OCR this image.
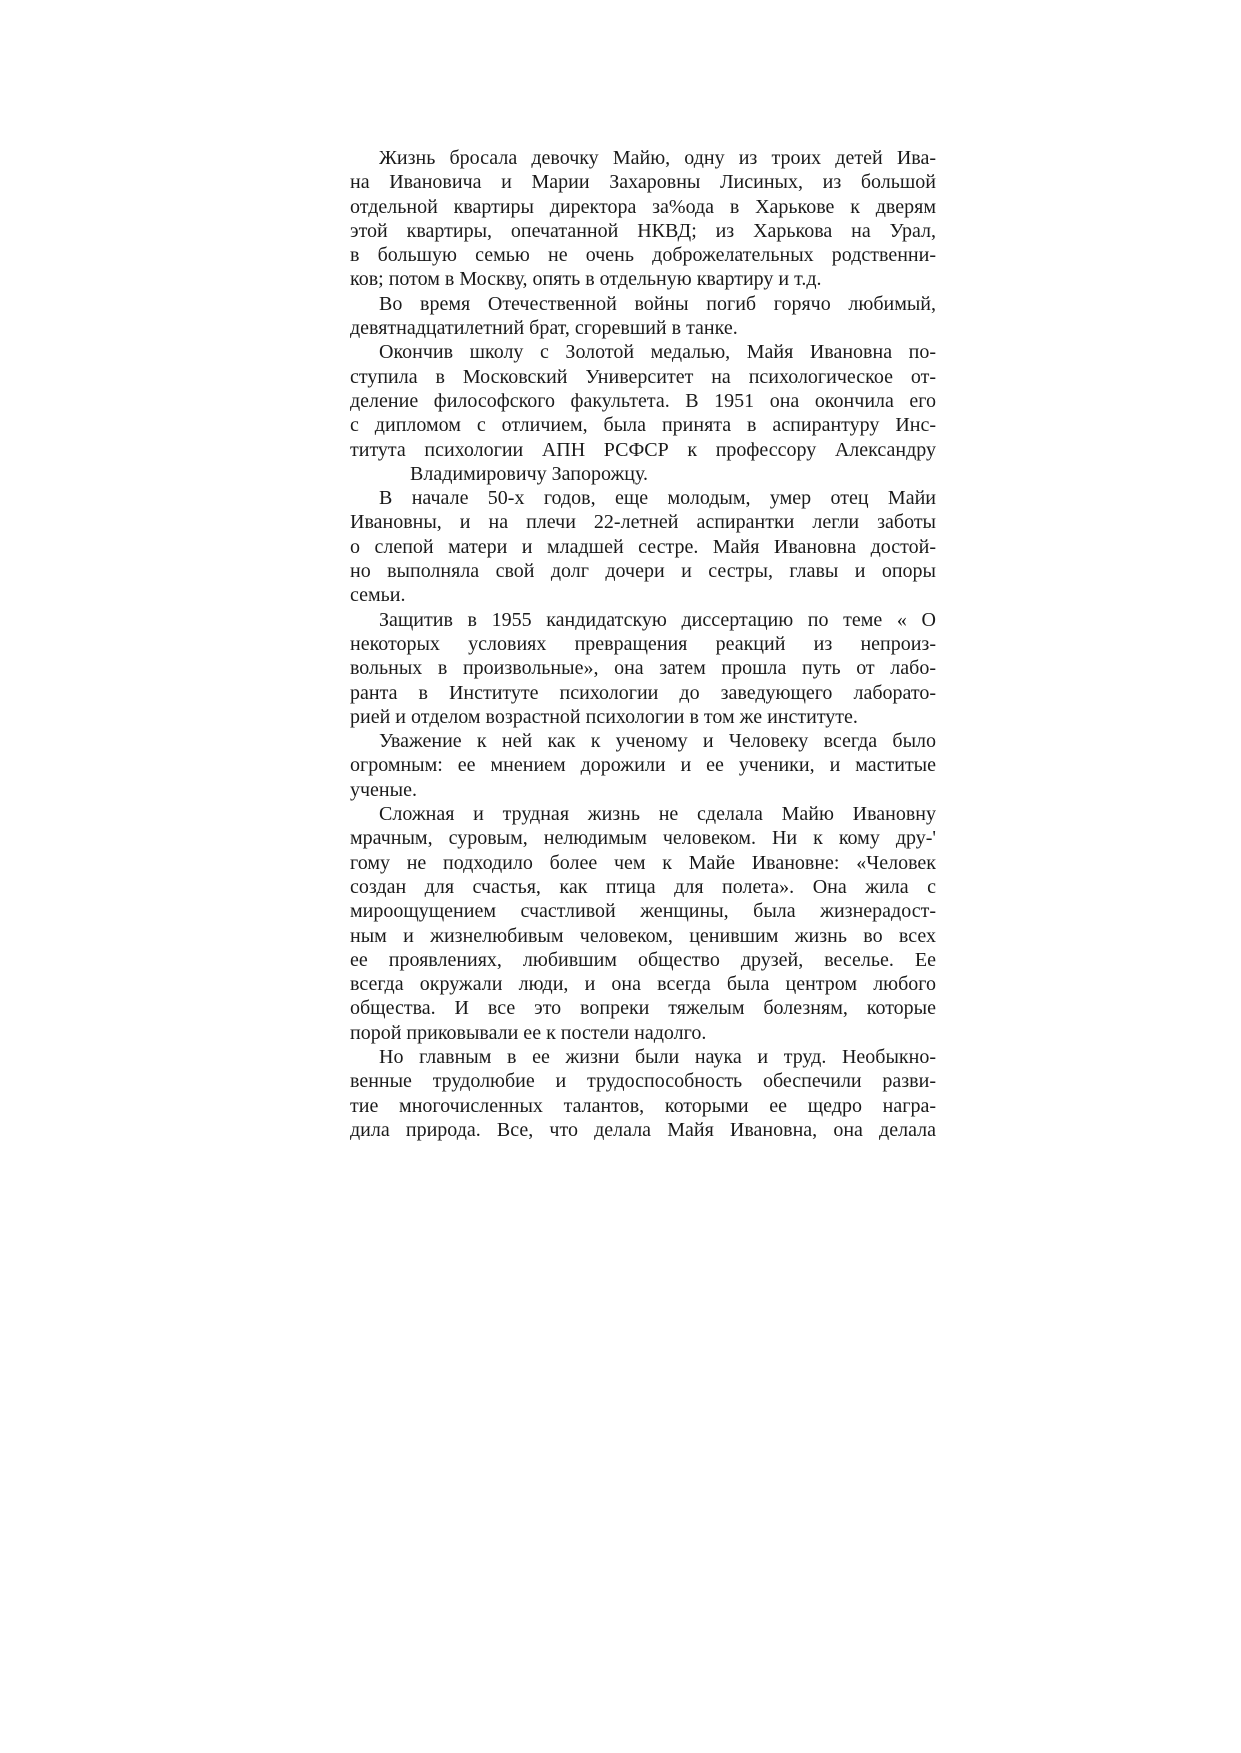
Жизнь бросала девочку Майю, одну из троих детей Ива-
на Ивановича и Марии Захаровны Лисиных, из большой
отдельной квартиры директора за%ода в Харькове к дверям
этой квартиры, опечатанной НКВД; из Харькова на Урал,
в большую семью не очень доброжелательных родственни-
ков; потом в Москву, опять в отдельную квартиру и т.д.
Во время Отечественной войны погиб горячо любимый,
девятнадцатилетний брат, сгоревший в танке.
Окончив школу с Золотой медалью, Майя Ивановна по-
ступила в Московский Университет на психологическое от-
деление философского факультета. В 1951 она окончила его
с дипломом с отличием, была принята в аспирантуру Инс-
титута психологии АПН РСФСР к профессору Александру
Владимировичу Запорожцу.
В начале 50-х годов, еще молодым, умер отец Майи
Ивановны, и на плечи 22-летней аспирантки легли заботы
о слепой матери и младшей сестре. Майя Ивановна достой-
но выполняла свой долг дочери и сестры, главы и опоры
семьи.
Защитив в 1955 кандидатскую диссертацию по теме « О
некоторых условиях превращения реакций из непроиз-
вольных в произвольные», она затем прошла путь от лабо-
ранта в Институте психологии до заведующего лаборато-
рией и отделом возрастной психологии в том же институте.
Уважение к ней как к ученому и Человеку всегда было
огромным: ее мнением дорожили и ее ученики, и маститые
ученые.
Сложная и трудная жизнь не сделала Майю Ивановну
мрачным, суровым, нелюдимым человеком. Ни к кому дру-'
гому не подходило более чем к Майе Ивановне: «Человек
создан для счастья, как птица для полета». Она жила с
мироощущением счастливой женщины, была жизнерадост-
ным и жизнелюбивым человеком, ценившим жизнь во всех
ее проявлениях, любившим общество друзей, веселье. Ее
всегда окружали люди, и она всегда была центром любого
общества. И все это вопреки тяжелым болезням, которые
порой приковывали ее к постели надолго.
Но главным в ее жизни были наука и труд. Необыкно-
венные трудолюбие и трудоспособность обеспечили разви-
тие многочисленных талантов, которыми ее щедро награ-
дила природа. Все, что делала Майя Ивановна, она делала
